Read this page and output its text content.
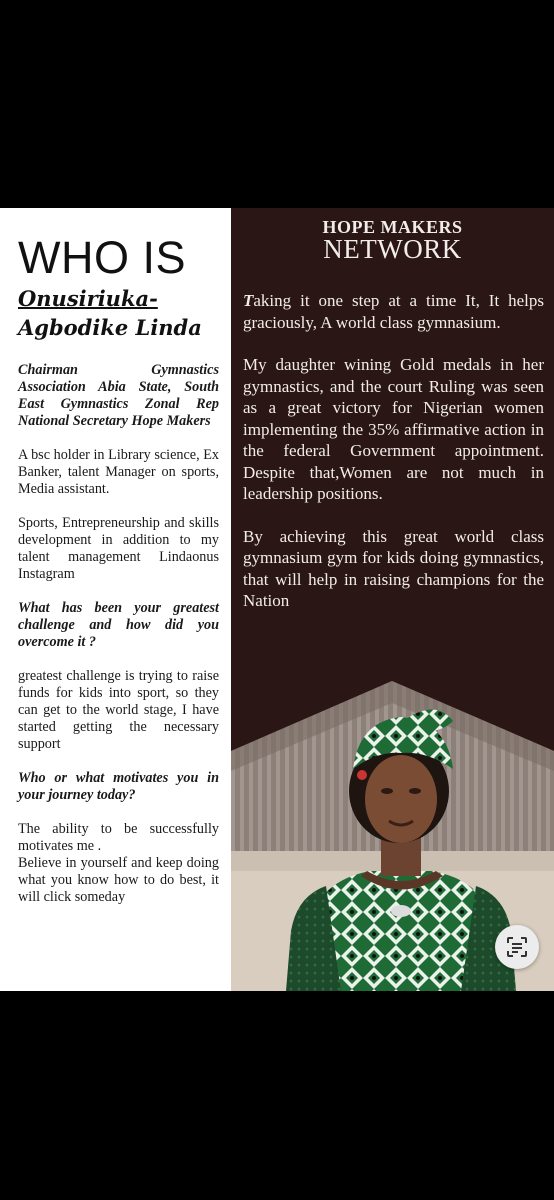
WHO IS
Onusiriuka-
Agbodike Linda

Chairman Gymnastics Association Abia State, South East Gymnastics Zonal Rep National Secretary Hope Makers

A bsc holder in Library science, Ex Banker, talent Manager on sports, Media assistant.

Sports, Entrepreneurship and skills development in addition to my talent management Lindaonus Instagram

What has been your greatest challenge and how did you overcome it ?

greatest challenge is trying to raise funds for kids into sport, so they can get to the world stage, I have started getting the necessary support

Who or what motivates you in your journey today?

The ability to be successfully motivates me .

Believe in yourself and keep doing what you know how to do best, it will click someday

HOPE MAKERS
NETWORK

Taking it one step at a time It, It helps graciously, A world class gymnasium.

My daughter wining Gold medals in her gymnastics, and the court Ruling was seen as a great victory for Nigerian women implementing the 35% affirmative action in the federal Government appointment. Despite that,Women are not much in leadership positions.

By achieving this great world class gymnasium gym for kids doing gymnastics, that will help in raising champions for the Nation
